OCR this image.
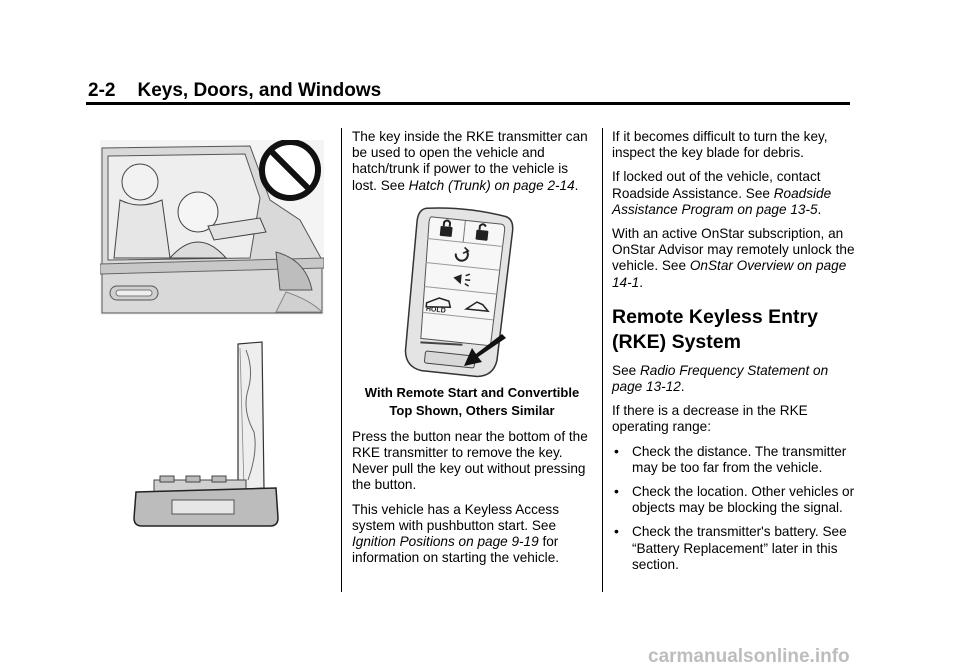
2-2 Keys, Doors, and Windows

The key inside the RKE transmitter can be used to open the vehicle and hatch/trunk if power to the vehicle is lost. See Hatch (Trunk) on page 2-14.

HOLD
With Remote Start and Convertible
Top Shown, Others Similar

Press the button near the bottom of the RKE transmitter to remove the key. Never pull the key out without pressing the button.

This vehicle has a Keyless Access system with pushbutton start. See Ignition Positions on page 9-19 for information on starting the vehicle.

If it becomes difficult to turn the key, inspect the key blade for debris.

If locked out of the vehicle, contact Roadside Assistance. See Roadside Assistance Program on page 13-5.

With an active OnStar subscription, an OnStar Advisor may remotely unlock the vehicle. See OnStar Overview on page 14-1.

Remote Keyless Entry
(RKE) System

See Radio Frequency Statement on page 13-12.

If there is a decrease in the RKE operating range:

• Check the distance. The transmitter may be too far from the vehicle.
• Check the location. Other vehicles or objects may be blocking the signal.
• Check the transmitter's battery. See “Battery Replacement” later in this section.
carmanualsonline.info
